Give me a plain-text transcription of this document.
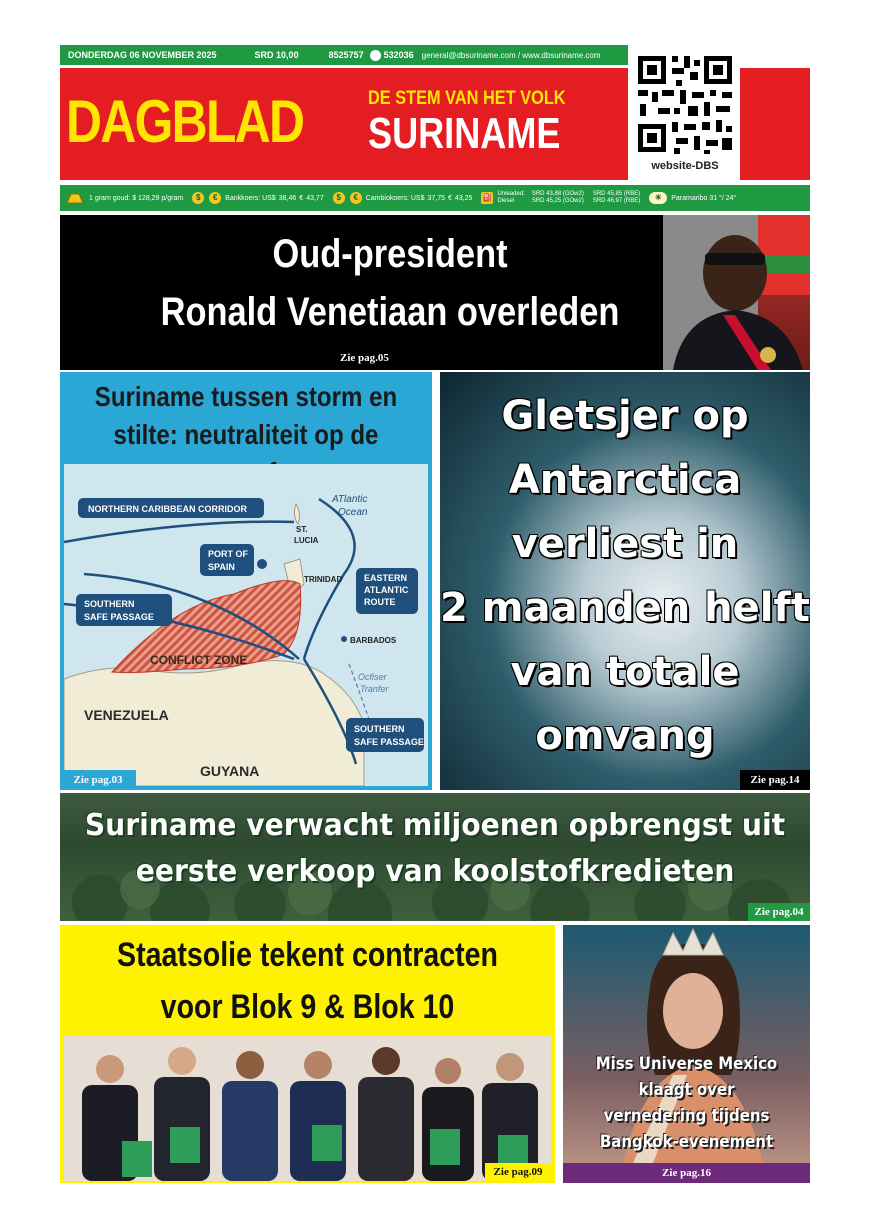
DONDERDAG 06 NOVEMBER 2025	SRD 10,00	8525757 532036 general@dbsuriname.com / www.dbsuriname.com
DAGBLAD	DE STEM VAN HET VOLK
SURINAME
website-DBS
1 gram goud: $ 128,29 p/gram	$	€	Bankkoers: US$ 38,46 € 43,77	$	€	Cambiokoers: US$ 37,75 € 43,25 ⛽ Unleaded:
Diesel
SRD 43,88 (GOw2)
SRD 45,25 (GOw2)
SRD 45,85 (RBE)
SRD 46,97 (RBE)	☀	Paramaribo 31 °/ 24°
Oud-president
Ronald Venetiaan overleden
Zie pag.05
Suriname tussen storm en
stilte: neutraliteit op de
NORTHERN CARIBBEAN CORRIDOR
ATlantic
Ocean
ST.
LUCIA
PORT OF
SPAIN
TRINIDAD EASTERN
ATLANTIC
ROUTE
SOUTHERN
SAFE PASSAGE
BARBADOS
CONFLICT ZONE
Ocfiser
Tranfer
VENEZUELA
SOUTHERN
SAFE PASSAGE
GUYANA
Zie pag.03
Gletsjer op
Antarctica
verliest in
2 maanden helft
van totale
omvang
Zie pag.14
Suriname verwacht miljoenen opbrengst uit
eerste verkoop van koolstofkredieten
Zie pag.04
Staatsolie tekent contracten
voor Blok 9 & Blok 10
Zie pag.09
Miss Universe Mexico
klaagt over
vernedering tijdens
Bangkok-evenement
Zie pag.16
